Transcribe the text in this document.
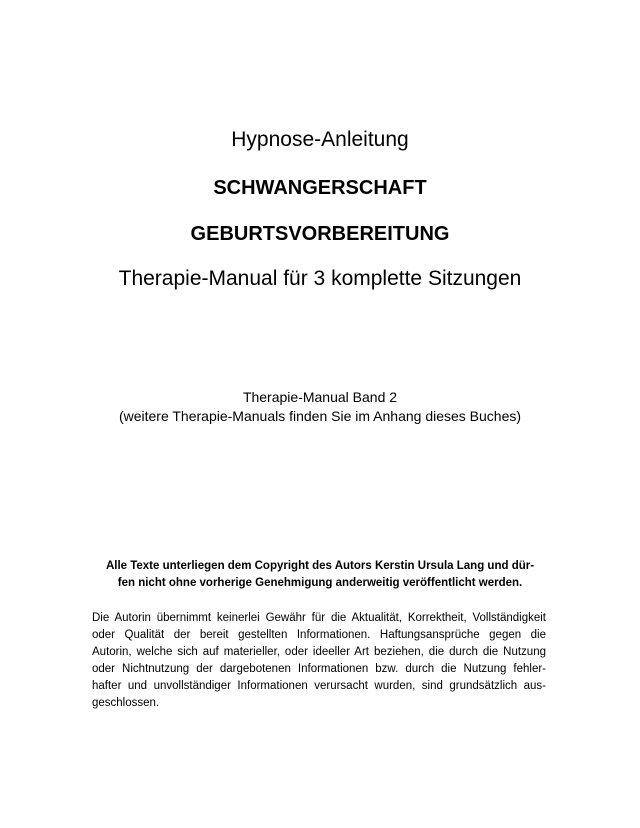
Hypnose-Anleitung
SCHWANGERSCHAFT
GEBURTSVORBEREITUNG
Therapie-Manual für 3 komplette Sitzungen
Therapie-Manual Band 2
(weitere Therapie-Manuals finden Sie im Anhang dieses Buches)
Alle Texte unterliegen dem Copyright des Autors Kerstin Ursula Lang und dür-
fen nicht ohne vorherige Genehmigung anderweitig veröffentlicht werden.
Die Autorin übernimmt keinerlei Gewähr für die Aktualität, Korrektheit, Vollständigkeit
oder Qualität der bereit gestellten Informationen. Haftungsansprüche gegen die
Autorin, welche sich auf materieller, oder ideeller Art beziehen, die durch die Nutzung
oder Nichtnutzung der dargebotenen Informationen bzw. durch die Nutzung fehler-
hafter und unvollständiger Informationen verursacht wurden, sind grundsätzlich aus-
geschlossen.
